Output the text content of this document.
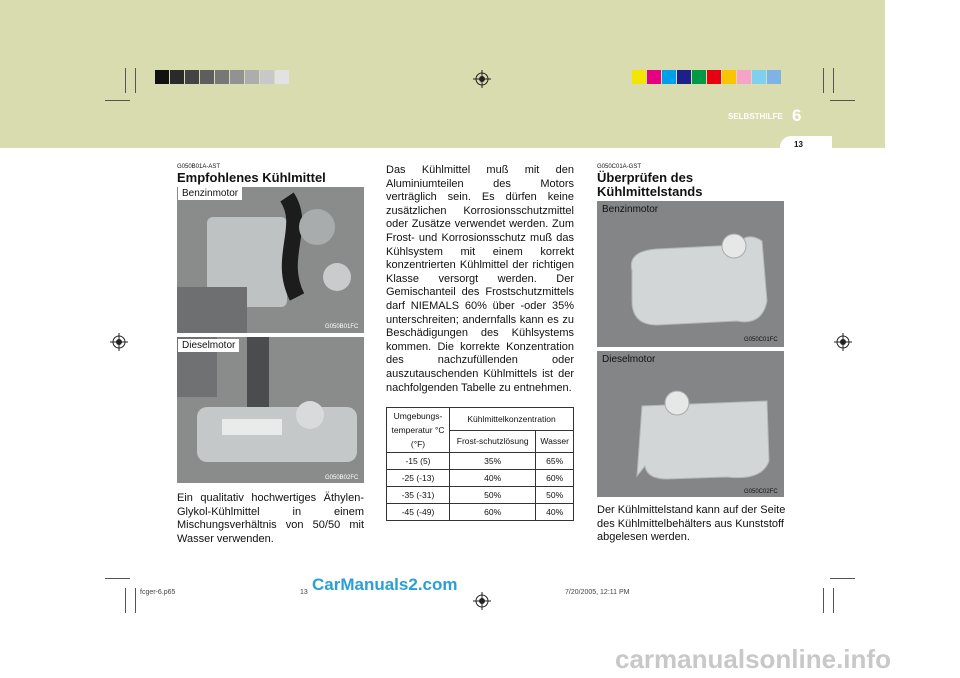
SELBSTHILFE 6
13
G050B01A-AST
Empfohlenes Kühlmittel
Benzinmotor
G050B01FC
Dieselmotor
G050B02FC
Ein qualitativ hochwertiges Äthylen-Glykol-Kühlmittel in einem Mischungsverhältnis von 50/50 mit Wasser verwenden.
Das Kühlmittel muß mit den Aluminiumteilen des Motors verträglich sein. Es dürfen keine zusätzlichen Korrosionsschutzmittel oder Zusätze verwendet werden. Zum Frost- und Korrosionsschutz muß das Kühlsystem mit einem korrekt konzentrierten Kühlmittel der richtigen Klasse versorgt werden. Der Gemischanteil des Frostschutzmittels darf NIEMALS 60% über -oder 35% unterschreiten; andernfalls kann es zu Beschädigungen des Kühlsystems kommen. Die korrekte Konzentration des nachzufüllenden oder auszutauschenden Kühlmittels ist der nachfolgenden Tabelle zu entnehmen.
Umgebungs-temperatur °C (°F)	Kühlmittelkonzentration	
	Frost-schutzlösung	Wasser
-15 (5)	35%	65%
-25 (-13)	40%	60%
-35 (-31)	50%	50%
-45 (-49)	60%	40%
G050C01A-GST
Überprüfen des Kühlmittelstands
Benzinmotor
G050C01FC
Dieselmotor
G050C02FC
Der Kühlmittelstand kann auf der Seite des Kühlmittelbehälters aus Kunststoff abgelesen werden.
fcger-6.p65	13	7/20/2005, 12:11 PM
CarManuals2.com
carmanualsonline.info
